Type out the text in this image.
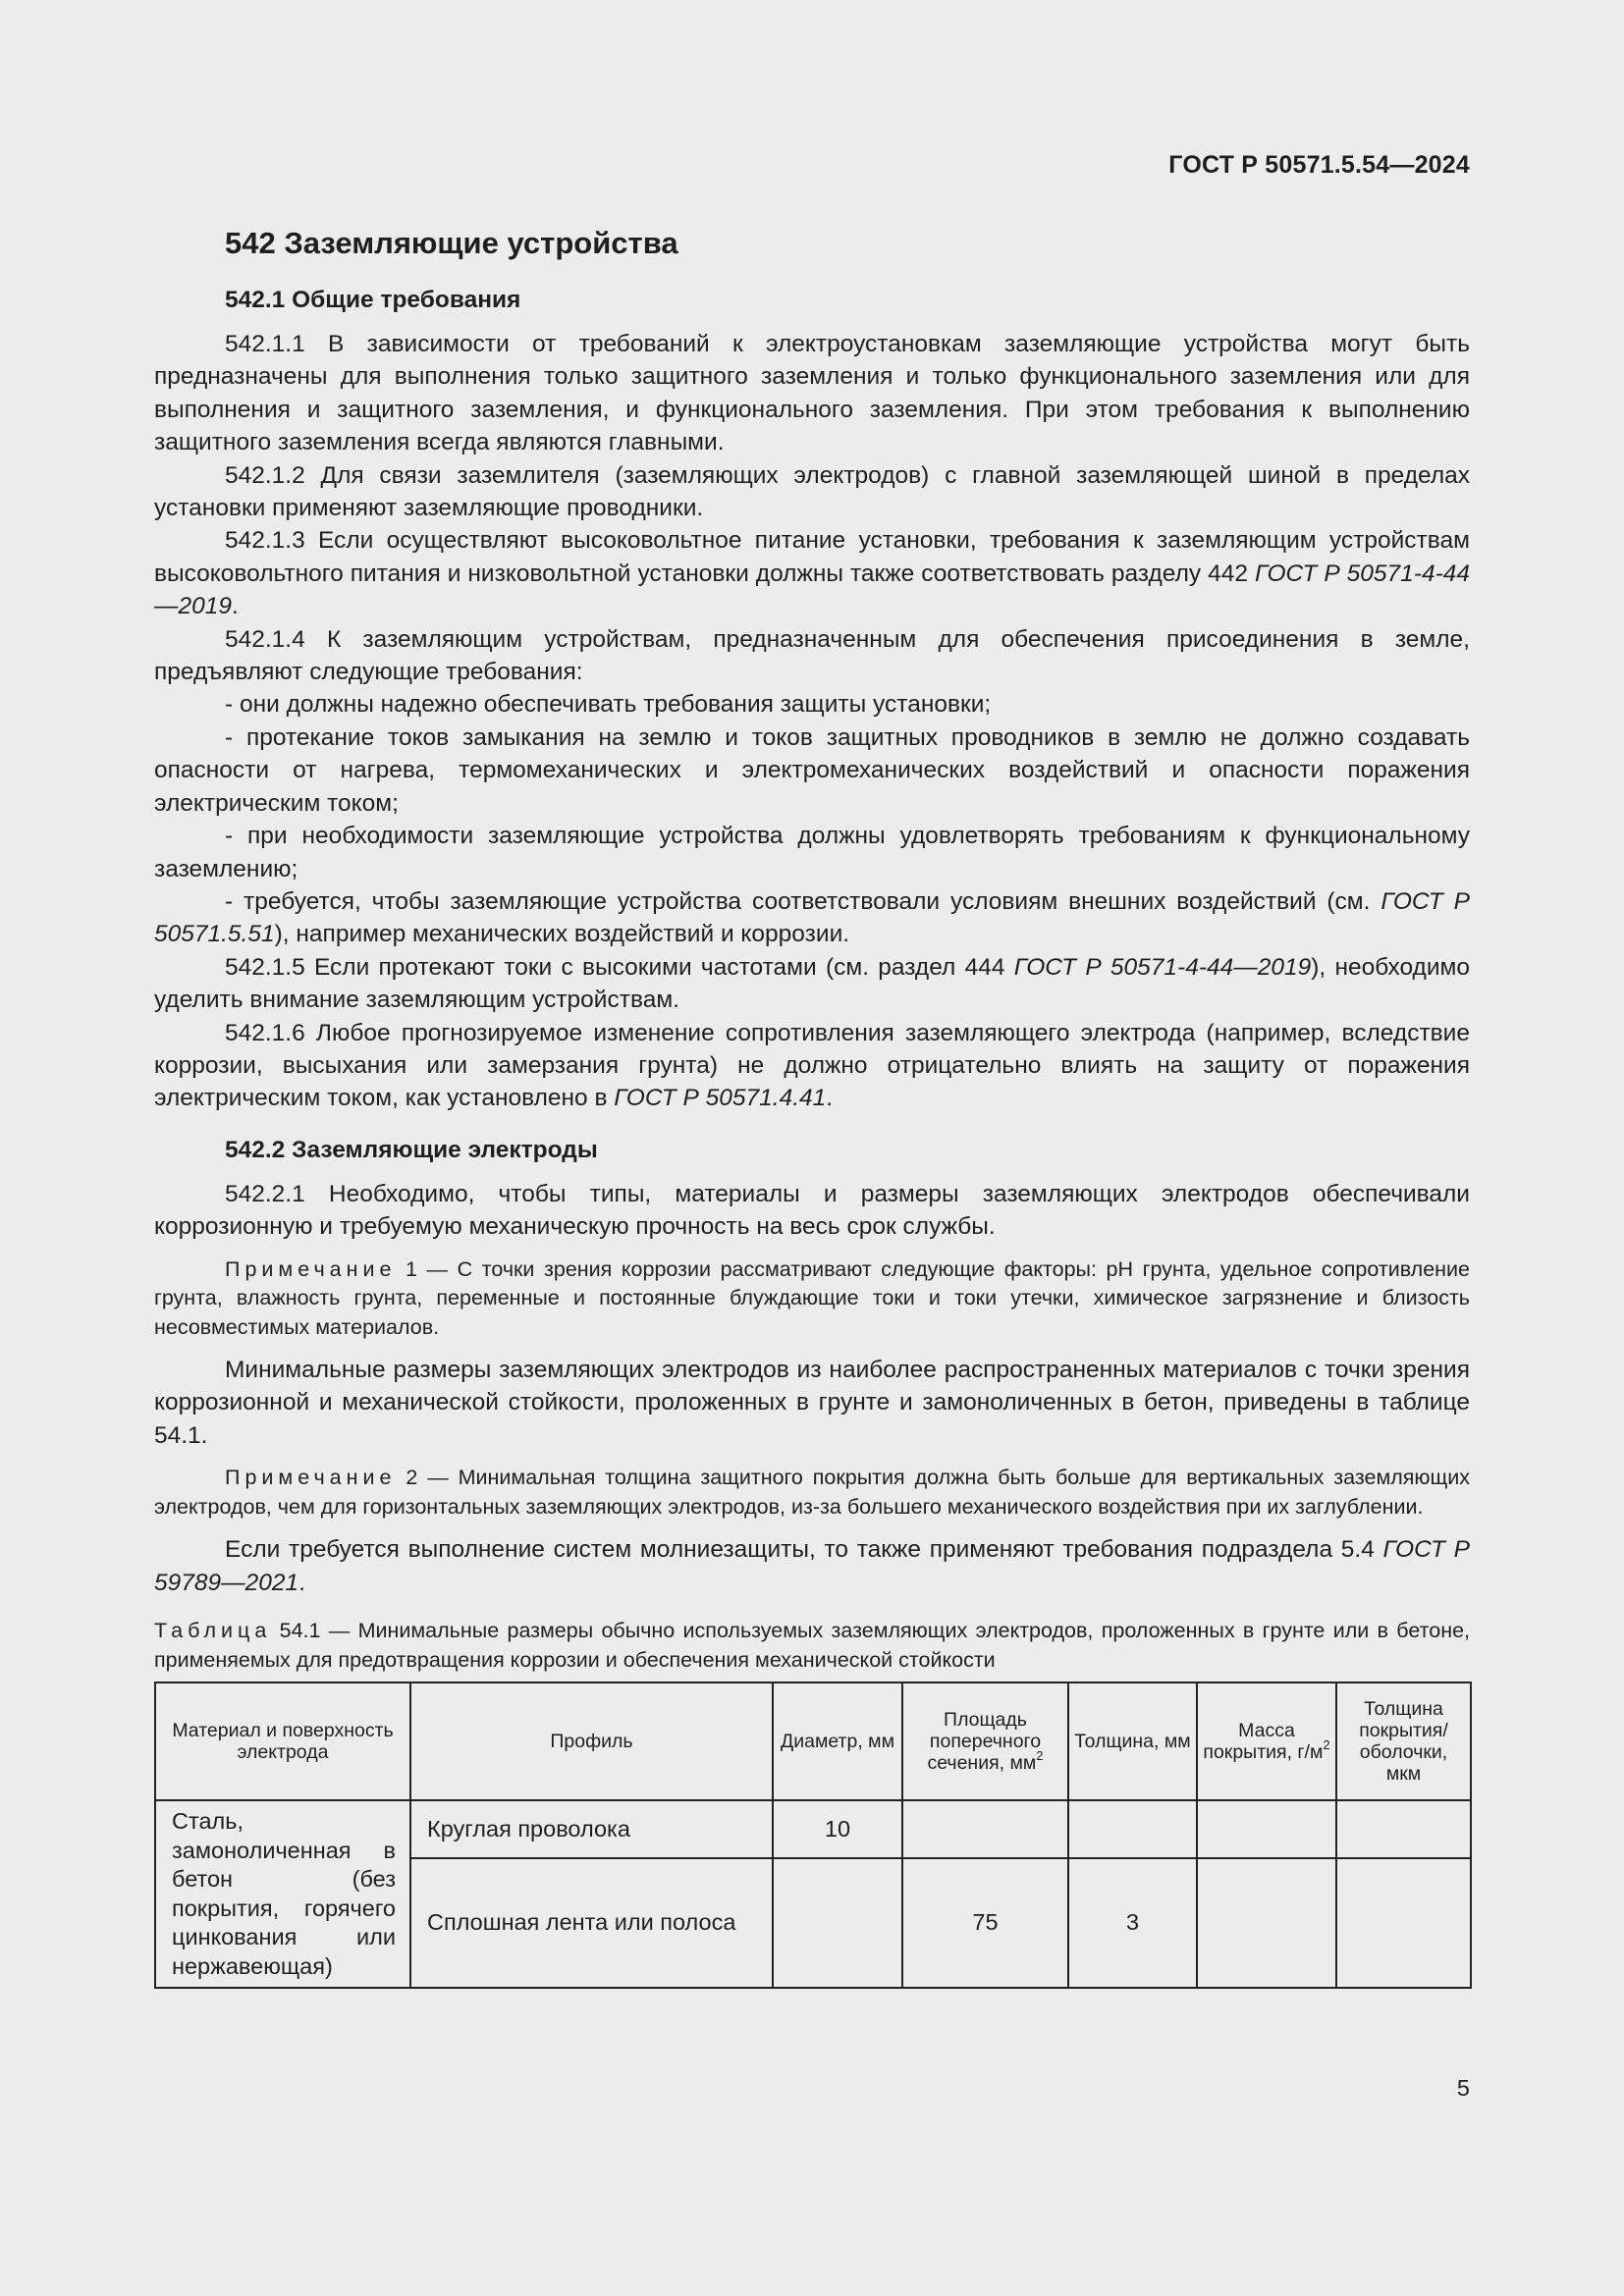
ГОСТ Р 50571.5.54—2024
542 Заземляющие устройства
542.1 Общие требования

542.1.1 В зависимости от требований к электроустановкам заземляющие устройства могут быть предназначены для выполнения только защитного заземления и только функционального заземления или для выполнения и защитного заземления, и функционального заземления. При этом требования к выполнению защитного заземления всегда являются главными.

542.1.2 Для связи заземлителя (заземляющих электродов) с главной заземляющей шиной в пределах установки применяют заземляющие проводники.

542.1.3 Если осуществляют высоковольтное питание установки, требования к заземляющим устройствам высоковольтного питания и низковольтной установки должны также соответствовать разделу 442 ГОСТ Р 50571-4-44—2019.

542.1.4 К заземляющим устройствам, предназначенным для обеспечения присоединения в земле, предъявляют следующие требования:

- они должны надежно обеспечивать требования защиты установки;

- протекание токов замыкания на землю и токов защитных проводников в землю не должно создавать опасности от нагрева, термомеханических и электромеханических воздействий и опасности поражения электрическим током;

- при необходимости заземляющие устройства должны удовлетворять требованиям к функциональному заземлению;

- требуется, чтобы заземляющие устройства соответствовали условиям внешних воздействий (см. ГОСТ Р 50571.5.51), например механических воздействий и коррозии.

542.1.5 Если протекают токи с высокими частотами (см. раздел 444 ГОСТ Р 50571-4-44—2019), необходимо уделить внимание заземляющим устройствам.

542.1.6 Любое прогнозируемое изменение сопротивления заземляющего электрода (например, вследствие коррозии, высыхания или замерзания грунта) не должно отрицательно влиять на защиту от поражения электрическим током, как установлено в ГОСТ Р 50571.4.41.

542.2 Заземляющие электроды

542.2.1 Необходимо, чтобы типы, материалы и размеры заземляющих электродов обеспечивали коррозионную и требуемую механическую прочность на весь срок службы.

Примечание 1 — С точки зрения коррозии рассматривают следующие факторы: pH грунта, удельное сопротивление грунта, влажность грунта, переменные и постоянные блуждающие токи и токи утечки, химическое загрязнение и близость несовместимых материалов.

Минимальные размеры заземляющих электродов из наиболее распространенных материалов с точки зрения коррозионной и механической стойкости, проложенных в грунте и замоноличенных в бетон, приведены в таблице 54.1.

Примечание 2 — Минимальная толщина защитного покрытия должна быть больше для вертикальных заземляющих электродов, чем для горизонтальных заземляющих электродов, из-за большего механического воздействия при их заглублении.

Если требуется выполнение систем молниезащиты, то также применяют требования подраздела 5.4 ГОСТ Р 59789—2021.

Таблица 54.1 — Минимальные размеры обычно используемых заземляющих электродов, проложенных в грунте или в бетоне, применяемых для предотвращения коррозии и обеспечения механической стойкости

Материал и поверхность электрода	Профиль	Диаметр, мм	Площадь поперечного сечения, $мм^2$	Толщина, мм	Масса покрытия, $г/м^2$	Толщина покрытия/ оболочки, мкм
Сталь, замоноличенная в бетон (без покрытия, горячего цинкования или нержавеющая)	Круглая проволока	10				
	Сплошная лента или полоса		75	3		
5
